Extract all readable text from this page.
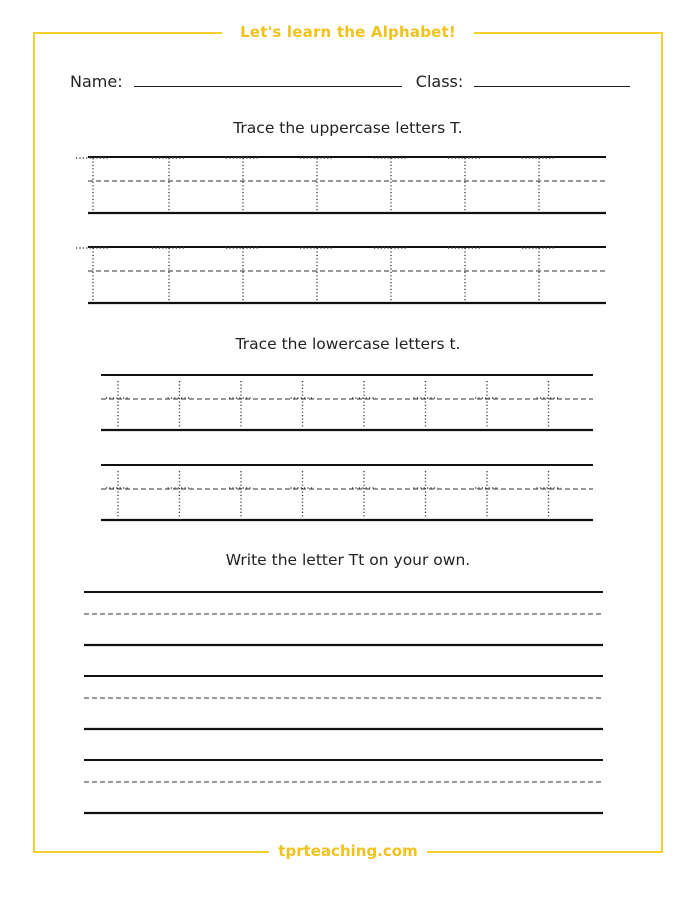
Let's learn the Alphabet!
Name:	Class:
Trace the uppercase letters T.
Trace the lowercase letters t.
Write the letter Tt on your own.
tprteaching.com
